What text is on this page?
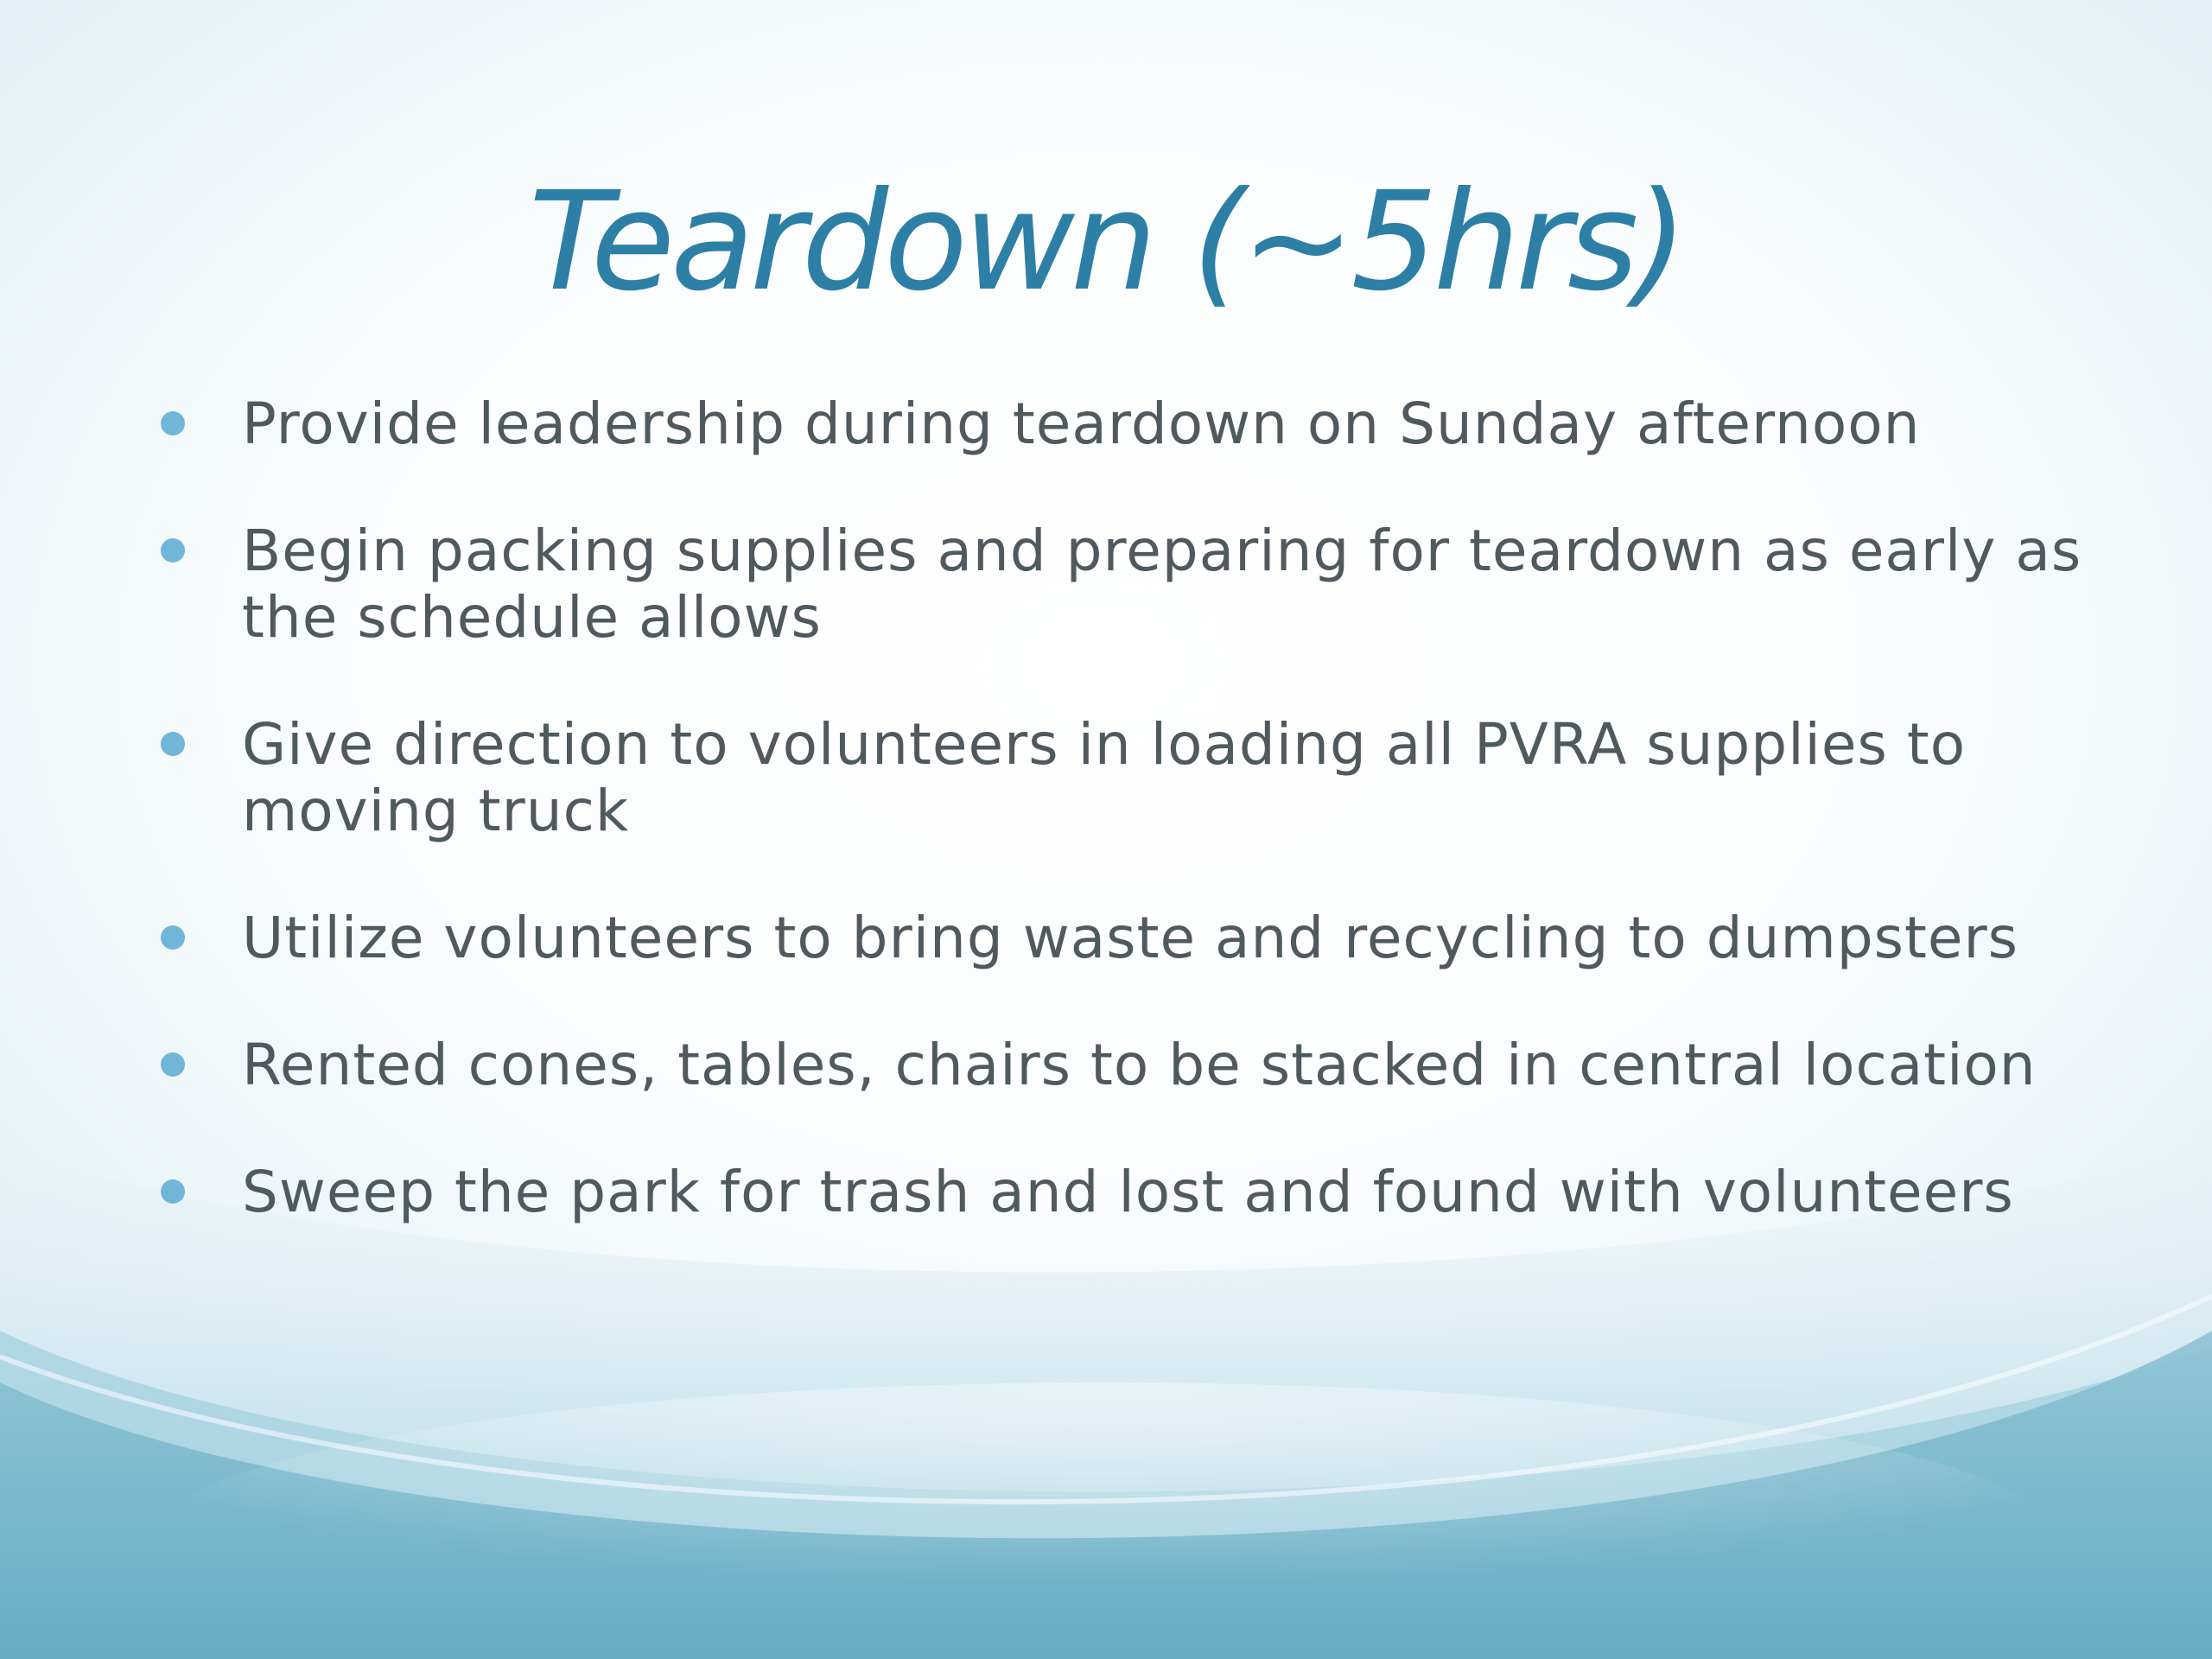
Teardown (~5hrs)
Provide leadership during teardown on Sunday afternoon
Begin packing supplies and preparing for teardown as early as the schedule allows
Give direction to volunteers in loading all PVRA supplies to moving truck
Utilize volunteers to bring waste and recycling to dumpsters
Rented cones, tables, chairs to be stacked in central location
Sweep the park for trash and lost and found with volunteers
